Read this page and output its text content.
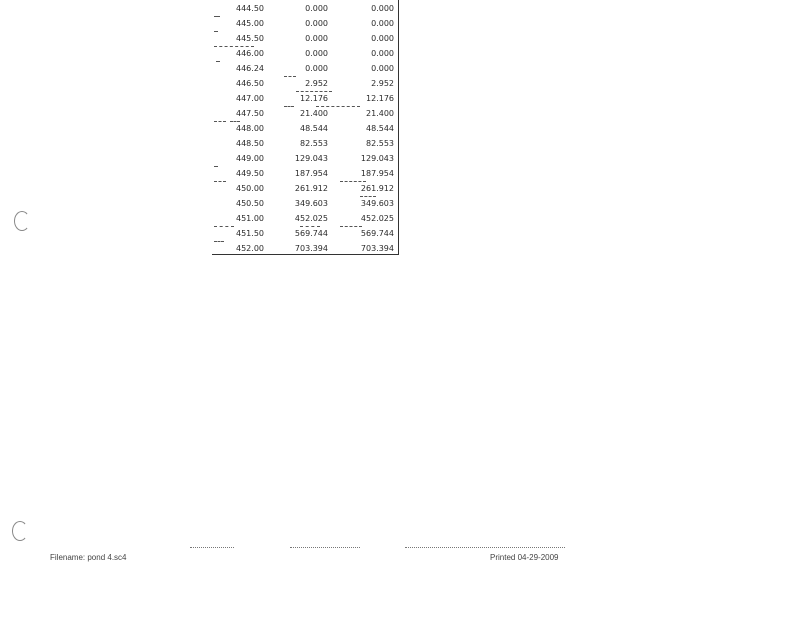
444.50	0.000	0.000
445.00	0.000	0.000
445.50	0.000	0.000
446.00	0.000	0.000
446.24	0.000	0.000
446.50	2.952	2.952
447.00	12.176	12.176
447.50	21.400	21.400
448.00	48.544	48.544
448.50	82.553	82.553
449.00	129.043	129.043
449.50	187.954	187.954
450.00	261.912	261.912
450.50	349.603	349.603
451.00	452.025	452.025
451.50	569.744	569.744
452.00	703.394	703.394
Filename: pond 4.sc4	Printed 04-29-2009
